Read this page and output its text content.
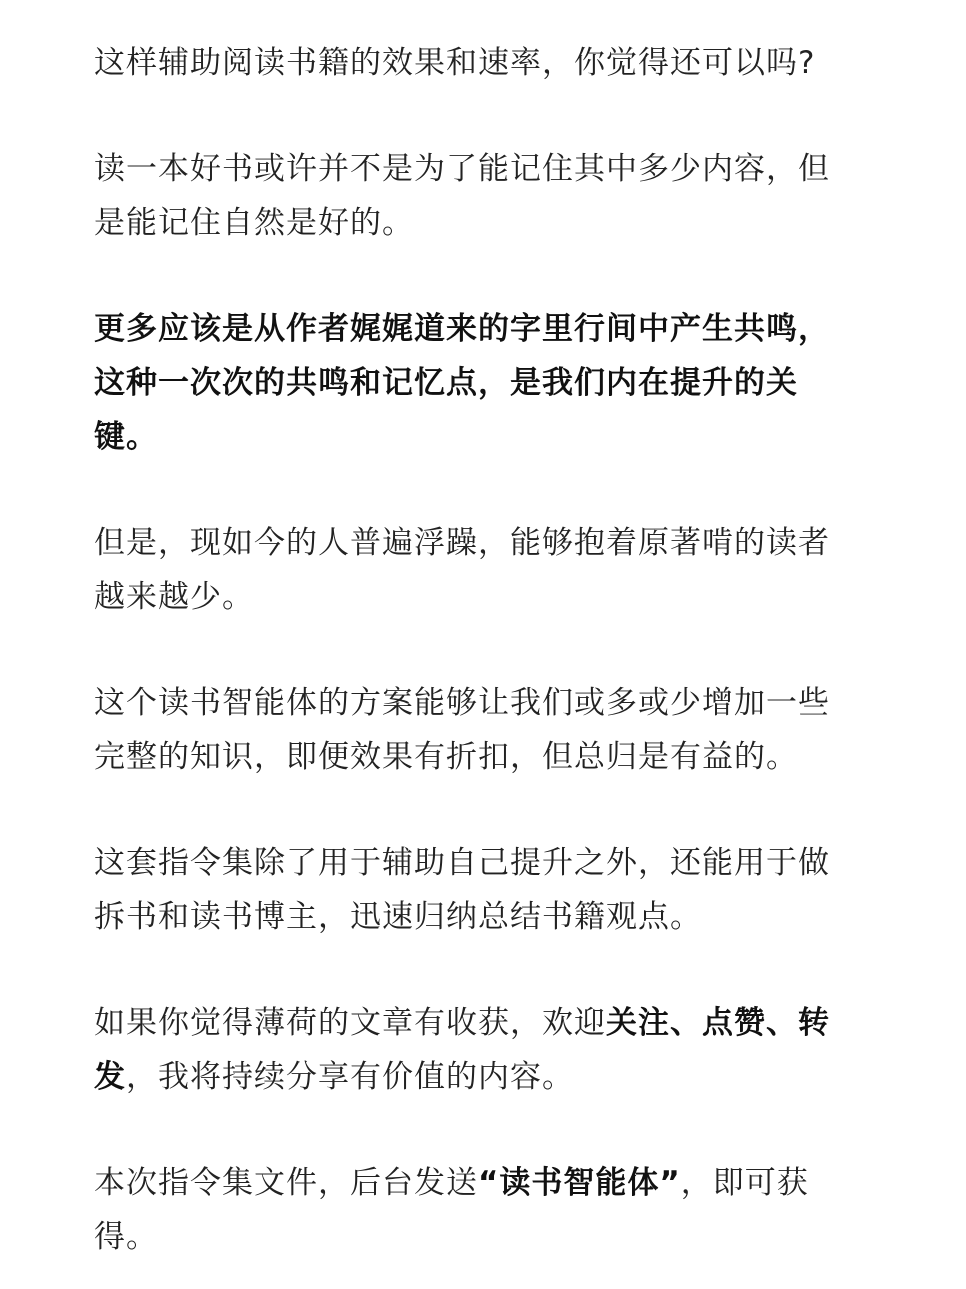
这样辅助阅读书籍的效果和速率，你觉得还可以吗?
读一本好书或许并不是为了能记住其中多少内容，但
是能记住自然是好的。
更多应该是从作者娓娓道来的字里行间中产生共鸣，
这种一次次的共鸣和记忆点，是我们内在提升的关
键。
但是，现如今的人普遍浮躁，能够抱着原著啃的读者
越来越少。
这个读书智能体的方案能够让我们或多或少增加一些
完整的知识，即便效果有折扣，但总归是有益的。
这套指令集除了用于辅助自己提升之外，还能用于做
拆书和读书博主，迅速归纳总结书籍观点。
如果你觉得薄荷的文章有收获，欢迎关注、点赞、转
发，我将持续分享有价值的内容。
本次指令集文件，后台发送“读书智能体”，即可获
得。
